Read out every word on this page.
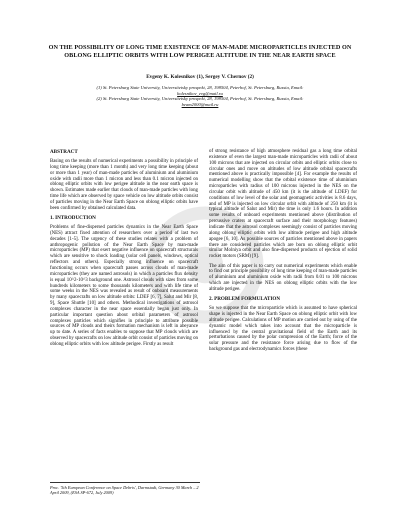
ON THE POSSIBILITY OF LONG TIME EXISTENCE OF MAN-MADE MICROPARTICLES INJECTED ON OBLONG ELLIPTIC ORBITS WITH LOW PERIGEE ALTITUDE IN THE NEAR EARTH SPACE
Evgeny K. Kolesnikov (1), Sergey V. Chernov (2)
(1) St. Petersburg State University, Universitetsky prospekt, 28, 198504, Peterhof, St. Petersburg, Russia, Email:
kolesnikov_evg@mail.ru
(2) St. Petersburg State University, Universitetsky prospekt, 28, 198504, Peterhof, St. Petersburg, Russia, Email:
beam2000@mail.ru
ABSTRACT

Basing on the results of numerical experiments a possibility in principle of long time keeping (more than 1 month) and very long time keeping (about or more than 1 year) of man-made particles of aluminium and aluminium oxide with radii more than 1 micron and less than 0.1 micron injected on oblong elliptic orbits with low perigee altitude in the near earth space is shown. Estimates made earlier that clouds of man-made particles with long time life which are observed by space vehicle on low altitude orbits consist of particles moving in the Near Earth Space on oblong elliptic orbits have been confirmed by obtained calculated data.

1. INTRODUCTION

Problems of fine-dispersed particles dynamics in the Near Earth Space (NES) attract fixed attention of researchers over a period of last two decades [1-5]. The urgency of these studies relates with a problem of anthropogenic pollution of the Near Earth Space by man-made microparticles (MP) that exert negative influence on spacecraft structurals which are sensitive to shock loading (solar cell panels, windows, optical reflectors and others). Especially strong influence on spacecraft functioning occurs when spacecraft passes across clouds of man-made microparticles (they are named astrosols) in which a particles flux density is equal 10^2-10^3 background one. Astrosol clouds with sizes from some hundreds kilometers to some thousands kilometers and with life time of some weeks in the NES was revealed as result of onboard measurements by many spacecrafts on low altitude orbits: LDEF [6, 7], Salut and Mir [8, 9], Space Shuttle [10] and others. Methodical investigations of astrosol complexes character in the near space essentially began just only. In particular important question about orbital parameters of astrosol complexes particles which signifies in principle to attribute possible sources of MP clouds and theirs formation mechanism is left in abeyance up to date. A series of facts enables to suppose that MP clouds which are observed by spacecrafts on low altitude orbit consist of particles moving on oblong elliptic orbits with low altitude perigee. Firstly as result

of strong resistance of high atmosphere residual gas a long time orbital existence of even the largest man-made microparticles with radii of about 100 microns that are injected on circular orbits and elliptic orbits close to circular ones and move on altitudes of low altitude orbital spacecrafts mentioned above is practically impossible [4]. For example the results of numerical modelling show that the orbital existence time of aluminium microparticles with radius of 100 microns injected in the NES on the circular orbit with altitude of 450 km (it is the altitude of LDEF) for conditions of low level of the solar and geomagnetic activities is 8.6 days, and of MP is injected on low circular orbit with altitude of 250 km (it is typical altitude of Salut and Mir) the time is only 1.6 hours. In addition some results of onboard experiments mentioned above (distribution of percussive craters at spacecraft surface and their morphology features) indicate that the astrosol complexes seemingly consist of particles moving along oblong elliptic orbits with low altitude perigee and high altitude apogee [6, 10]. As possible sources of particles mentioned above in papers there are considered particles which are born on oblong elliptic orbit similar Molniya orbit and also fine-dispersed products of ejection of solid rocket motors (SRM) [9].

The aim of this paper is to carry out numerical experiments which enable to find out principle possibility of long time keeping of man-made particles of aluminium and aluminium oxide with radii from 0.01 to 100 microns which are injected in the NES on oblong elliptic orbits with the low altitude perigee.

2. PROBLEM FORMULATION

So we suppose that the microparticle which is assumed to have spherical shape is injected in the Near Earth Space on oblong elliptic orbit with low altitude perigee. Calculations of MP motion are carried out by using of the dynamic model which takes into account that the microparticle is influenced by the central gravitational field of the Earth and its perturbations caused by the polar compression of the Earth; force of the solar pressure and the resistance force arising due to flow of the background gas and electrodynamics forces (these

Proc. '5th European Conference on Space Debris', Darmstadt, Germany 30 March – 2 April 2009, (ESA SP-672, July 2009)
